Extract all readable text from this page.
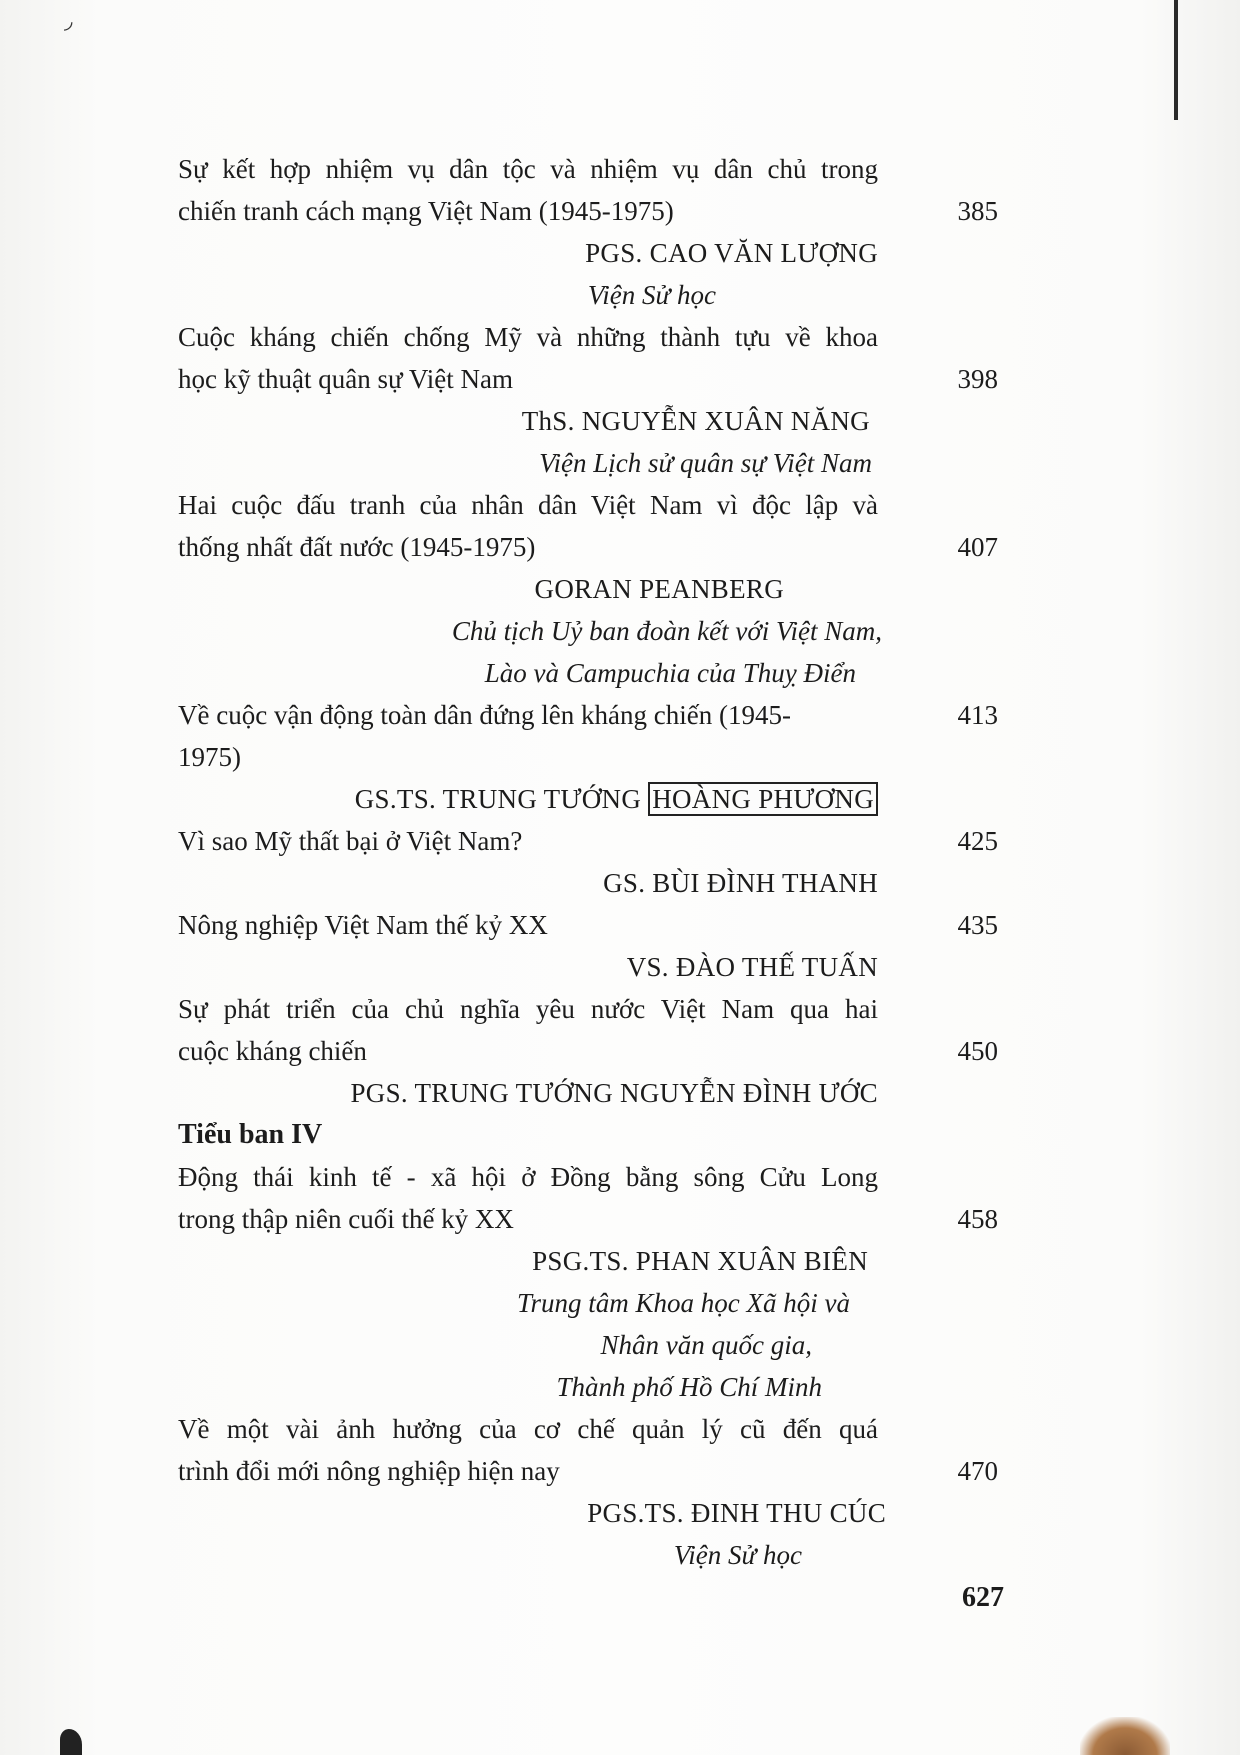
◞
Sự kết hợp nhiệm vụ dân tộc và nhiệm vụ dân chủ trong
chiến tranh cách mạng Việt Nam (1945-1975)	385
PGS. CAO VĂN LƯỢNG
Viện Sử học
Cuộc kháng chiến chống Mỹ và những thành tựu về khoa
học kỹ thuật quân sự Việt Nam	398
ThS. NGUYỄN XUÂN NĂNG
Viện Lịch sử quân sự Việt Nam
Hai cuộc đấu tranh của nhân dân Việt Nam vì độc lập và
thống nhất đất nước (1945-1975)	407
GORAN PEANBERG
Chủ tịch Uỷ ban đoàn kết với Việt Nam,
Lào và Campuchia của Thuỵ Điển
Về cuộc vận động toàn dân đứng lên kháng chiến (1945-	413
1975)
GS.TS. TRUNG TƯỚNG HOÀNG PHƯƠNG
Vì sao Mỹ thất bại ở Việt Nam?	425
GS. BÙI ĐÌNH THANH
Nông nghiệp Việt Nam thế kỷ XX	435
VS. ĐÀO THẾ TUẤN
Sự phát triển của chủ nghĩa yêu nước Việt Nam qua hai
cuộc kháng chiến	450
PGS. TRUNG TƯỚNG NGUYỄN ĐÌNH ƯỚC
Tiểu ban IV
Động thái kinh tế - xã hội ở Đồng bằng sông Cửu Long
trong thập niên cuối thế kỷ XX	458
PSG.TS. PHAN XUÂN BIÊN
Trung tâm Khoa học Xã hội và
Nhân văn quốc gia,
Thành phố Hồ Chí Minh
Về một vài ảnh hưởng của cơ chế quản lý cũ đến quá
trình đổi mới nông nghiệp hiện nay	470
PGS.TS. ĐINH THU CÚC
Viện Sử học
627
